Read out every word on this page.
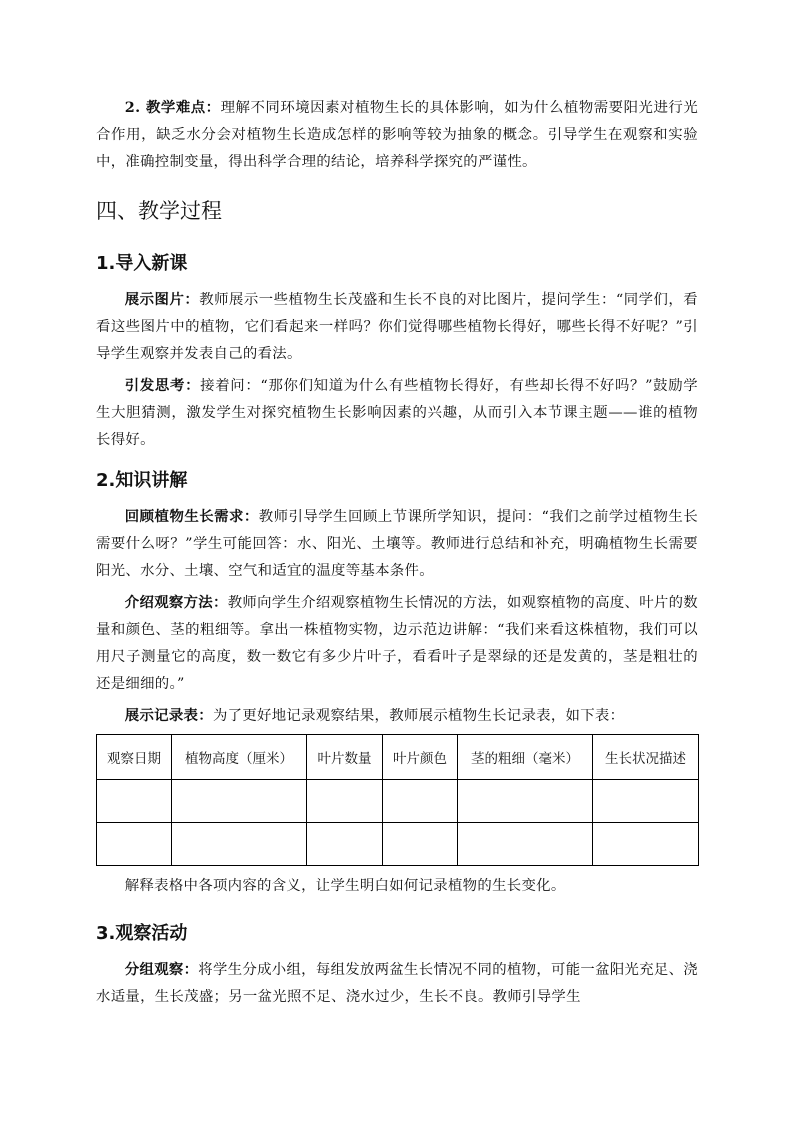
2. 教学难点：理解不同环境因素对植物生长的具体影响，如为什么植物需要阳光进行光合作用，缺乏水分会对植物生长造成怎样的影响等较为抽象的概念。引导学生在观察和实验中，准确控制变量，得出科学合理的结论，培养科学探究的严谨性。

四、教学过程
1.导入新课

展示图片：教师展示一些植物生长茂盛和生长不良的对比图片，提问学生：“同学们，看看这些图片中的植物，它们看起来一样吗？你们觉得哪些植物长得好，哪些长得不好呢？”引导学生观察并发表自己的看法。

引发思考：接着问：“那你们知道为什么有些植物长得好，有些却长得不好吗？”鼓励学生大胆猜测，激发学生对探究植物生长影响因素的兴趣，从而引入本节课主题——谁的植物长得好。

2.知识讲解

回顾植物生长需求：教师引导学生回顾上节课所学知识，提问：“我们之前学过植物生长需要什么呀？”学生可能回答：水、阳光、土壤等。教师进行总结和补充，明确植物生长需要阳光、水分、土壤、空气和适宜的温度等基本条件。

介绍观察方法：教师向学生介绍观察植物生长情况的方法，如观察植物的高度、叶片的数量和颜色、茎的粗细等。拿出一株植物实物，边示范边讲解：“我们来看这株植物，我们可以用尺子测量它的高度，数一数它有多少片叶子，看看叶子是翠绿的还是发黄的，茎是粗壮的还是细细的。”

展示记录表：为了更好地记录观察结果，教师展示植物生长记录表，如下表：

观察日期	植物高度（厘米）	叶片数量	叶片颜色	茎的粗细（毫米）	生长状况描述

解释表格中各项内容的含义，让学生明白如何记录植物的生长变化。

3.观察活动

分组观察：将学生分成小组，每组发放两盆生长情况不同的植物，可能一盆阳光充足、浇水适量，生长茂盛；另一盆光照不足、浇水过少，生长不良。教师引导学生
